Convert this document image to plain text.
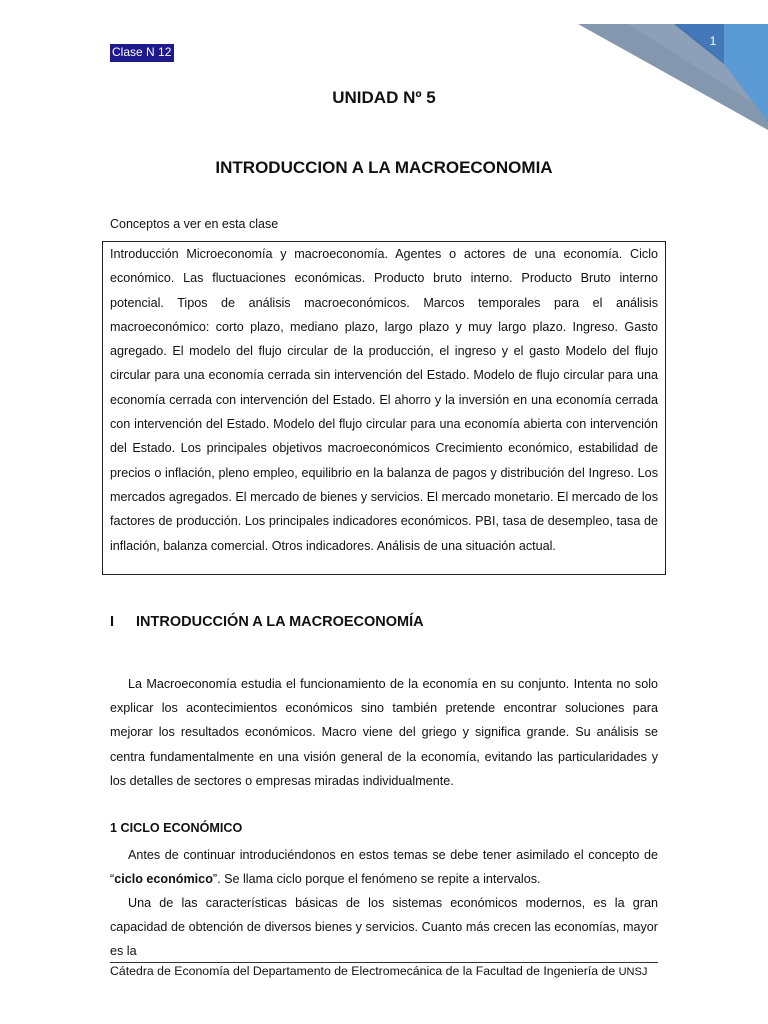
1
Clase N 12
UNIDAD Nº 5
INTRODUCCION A LA MACROECONOMIA
Conceptos a ver en esta clase

Introducción Microeconomía y macroeconomía. Agentes o actores de una economía. Ciclo económico. Las fluctuaciones económicas. Producto bruto interno. Producto Bruto interno potencial. Tipos de análisis macroeconómicos. Marcos temporales para el análisis macroeconómico: corto plazo, mediano plazo, largo plazo y muy largo plazo. Ingreso. Gasto agregado. El modelo del flujo circular de la producción, el ingreso y el gasto Modelo del flujo circular para una economía cerrada sin intervención del Estado. Modelo de flujo circular para una economía cerrada con intervención del Estado. El ahorro y la inversión en una economía cerrada con intervención del Estado. Modelo del flujo circular para una economía abierta con intervención del Estado. Los principales objetivos macroeconómicos Crecimiento económico, estabilidad de precios o inflación, pleno empleo, equilibrio en la balanza de pagos y distribución del Ingreso. Los mercados agregados. El mercado de bienes y servicios. El mercado monetario. El mercado de los factores de producción. Los principales indicadores económicos. PBI, tasa de desempleo, tasa de inflación, balanza comercial. Otros indicadores. Análisis de una situación actual.

I INTRODUCCIÓN A LA MACROECONOMÍA

La Macroeconomía estudia el funcionamiento de la economía en su conjunto. Intenta no solo explicar los acontecimientos económicos sino también pretende encontrar soluciones para mejorar los resultados económicos. Macro viene del griego y significa grande. Su análisis se centra fundamentalmente en una visión general de la economía, evitando las particularidades y los detalles de sectores o empresas miradas individualmente.

1 CICLO ECONÓMICO

Antes de continuar introduciéndonos en estos temas se debe tener asimilado el concepto de “ciclo económico”. Se llama ciclo porque el fenómeno se repite a intervalos.

Una de las características básicas de los sistemas económicos modernos, es la gran capacidad de obtención de diversos bienes y servicios. Cuanto más crecen las economías, mayor es la

Cátedra de Economía del Departamento de Electromecánica de la Facultad de Ingeniería de UNSJ
